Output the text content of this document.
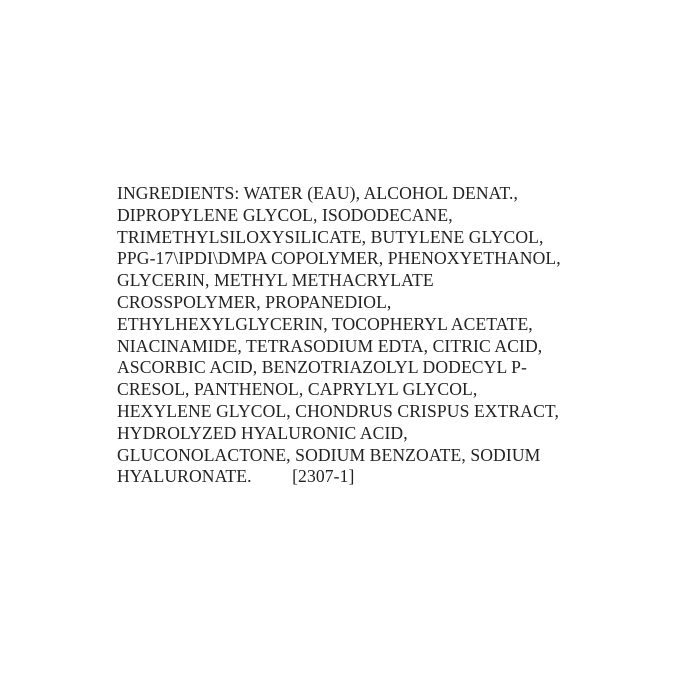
INGREDIENTS: WATER (EAU), ALCOHOL DENAT.,
DIPROPYLENE GLYCOL, ISODODECANE,
TRIMETHYLSILOXYSILICATE, BUTYLENE GLYCOL,
PPG-17\IPDI\DMPA COPOLYMER, PHENOXYETHANOL,
GLYCERIN, METHYL METHACRYLATE
CROSSPOLYMER, PROPANEDIOL,
ETHYLHEXYLGLYCERIN, TOCOPHERYL ACETATE,
NIACINAMIDE, TETRASODIUM EDTA, CITRIC ACID,
ASCORBIC ACID, BENZOTRIAZOLYL DODECYL P-
CRESOL, PANTHENOL, CAPRYLYL GLYCOL,
HEXYLENE GLYCOL, CHONDRUS CRISPUS EXTRACT,
HYDROLYZED HYALURONIC ACID,
GLUCONOLACTONE, SODIUM BENZOATE, SODIUM
HYALURONATE.         [2307-1]
